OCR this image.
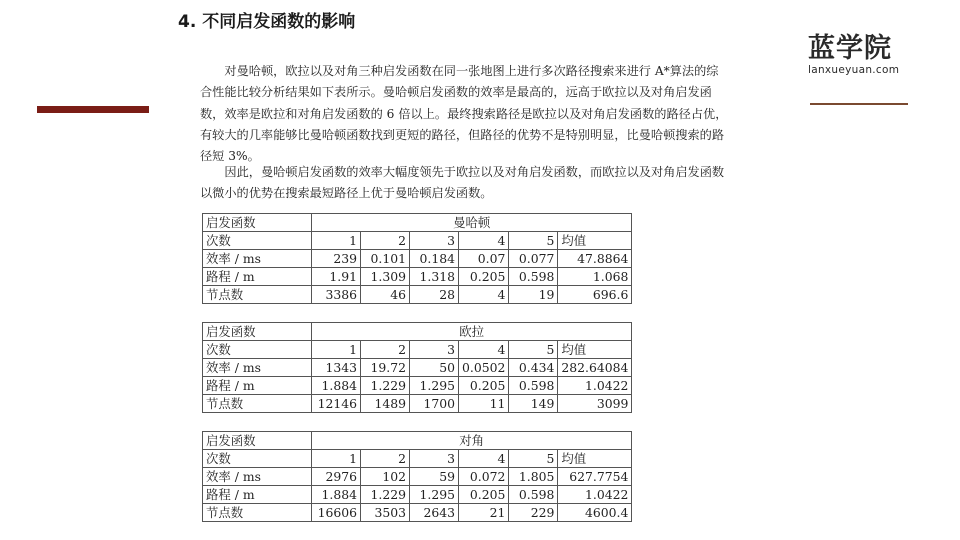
4. 不同启发函数的影响
蓝学院
lanxueyuan.com

对曼哈顿，欧拉以及对角三种启发函数在同一张地图上进行多次路径搜索来进行 A*算法的综合性能比较分析结果如下表所示。曼哈顿启发函数的效率是最高的，远高于欧拉以及对角启发函数，效率是欧拉和对角启发函数的 6 倍以上。最终搜索路径是欧拉以及对角启发函数的路径占优，有较大的几率能够比曼哈顿函数找到更短的路径，但路径的优势不是特别明显，比曼哈顿搜索的路径短 3%。

因此，曼哈顿启发函数的效率大幅度领先于欧拉以及对角启发函数，而欧拉以及对角启发函数以微小的优势在搜索最短路径上优于曼哈顿启发函数。

启发函数	曼哈顿					
次数	1	2	3	4	5	均值
效率 / ms	239	0.101	0.184	0.07	0.077	47.8864
路程 / m	1.91	1.309	1.318	0.205	0.598	1.068
节点数	3386	46	28	4	19	696.6

启发函数	欧拉					
次数	1	2	3	4	5	均值
效率 / ms	1343	19.72	50	0.0502	0.434	282.64084
路程 / m	1.884	1.229	1.295	0.205	0.598	1.0422
节点数	12146	1489	1700	11	149	3099

启发函数	对角					
次数	1	2	3	4	5	均值
效率 / ms	2976	102	59	0.072	1.805	627.7754
路程 / m	1.884	1.229	1.295	0.205	0.598	1.0422
节点数	16606	3503	2643	21	229	4600.4
